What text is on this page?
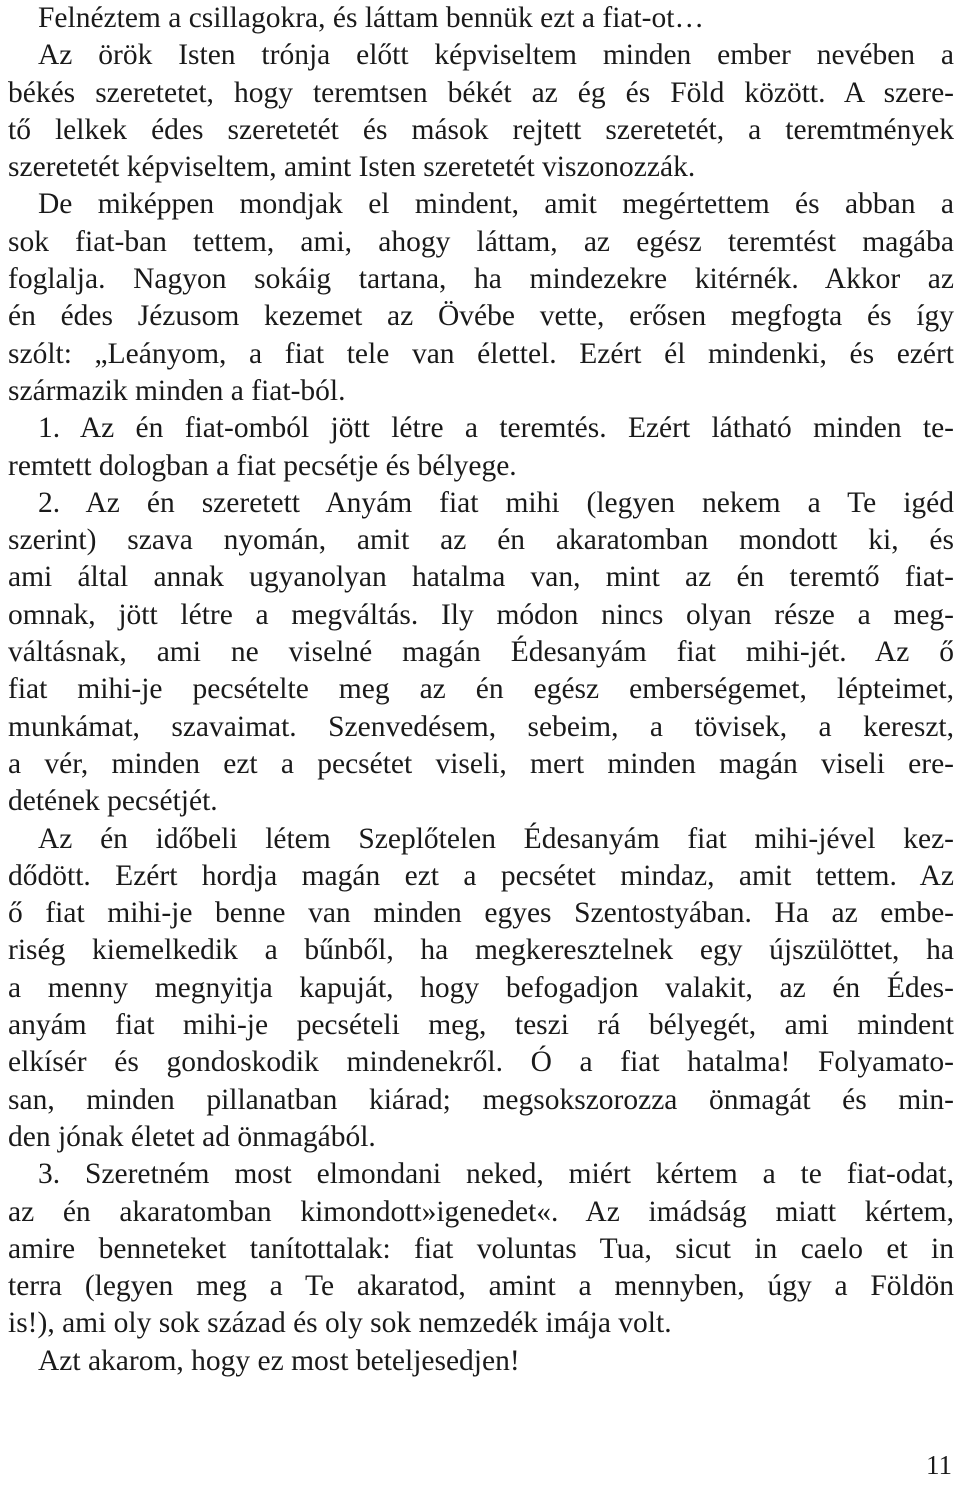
Felnéztem a csillagokra, és láttam bennük ezt a fiat-ot…
Az örök Isten trónja előtt képviseltem minden ember nevében a
békés szeretetet, hogy teremtsen békét az ég és Föld között. A szere-
tő lelkek édes szeretetét és mások rejtett szeretetét, a teremtmények
szeretetét képviseltem, amint Isten szeretetét viszonozzák.
De miképpen mondjak el mindent, amit megértettem és abban a
sok fiat-ban tettem, ami, ahogy láttam, az egész teremtést magába
foglalja. Nagyon sokáig tartana, ha mindezekre kitérnék. Akkor az
én édes Jézusom kezemet az Övébe vette, erősen megfogta és így
szólt: „Leányom, a fiat tele van élettel. Ezért él mindenki, és ezért
származik minden a fiat-ból.
1. Az én fiat-omból jött létre a teremtés. Ezért látható minden te-
remtett dologban a fiat pecsétje és bélyege.
2. Az én szeretett Anyám fiat mihi (legyen nekem a Te igéd
szerint) szava nyomán, amit az én akaratomban mondott ki, és
ami által annak ugyanolyan hatalma van, mint az én teremtő fiat-
omnak, jött létre a megváltás. Ily módon nincs olyan része a meg-
váltásnak, ami ne viselné magán Édesanyám fiat mihi-jét. Az ő
fiat mihi-je pecsételte meg az én egész emberségemet, lépteimet,
munkámat, szavaimat. Szenvedésem, sebeim, a tövisek, a kereszt,
a vér, minden ezt a pecsétet viseli, mert minden magán viseli ere-
detének pecsétjét.
Az én időbeli létem Szeplőtelen Édesanyám fiat mihi-jével kez-
dődött. Ezért hordja magán ezt a pecsétet mindaz, amit tettem. Az
ő fiat mihi-je benne van minden egyes Szentostyában. Ha az embe-
riség kiemelkedik a bűnből, ha megkeresztelnek egy újszülöttet, ha
a menny megnyitja kapuját, hogy befogadjon valakit, az én Édes-
anyám fiat mihi-je pecsételi meg, teszi rá bélyegét, ami mindent
elkísér és gondoskodik mindenekről. Ó a fiat hatalma! Folyamato-
san, minden pillanatban kiárad; megsokszorozza önmagát és min-
den jónak életet ad önmagából.
3. Szeretném most elmondani neked, miért kértem a te fiat-odat,
az én akaratomban kimondott»igenedet«. Az imádság miatt kértem,
amire benneteket tanítottalak: fiat voluntas Tua, sicut in caelo et in
terra (legyen meg a Te akaratod, amint a mennyben, úgy a Földön
is!), ami oly sok század és oly sok nemzedék imája volt.
Azt akarom, hogy ez most beteljesedjen!
11
